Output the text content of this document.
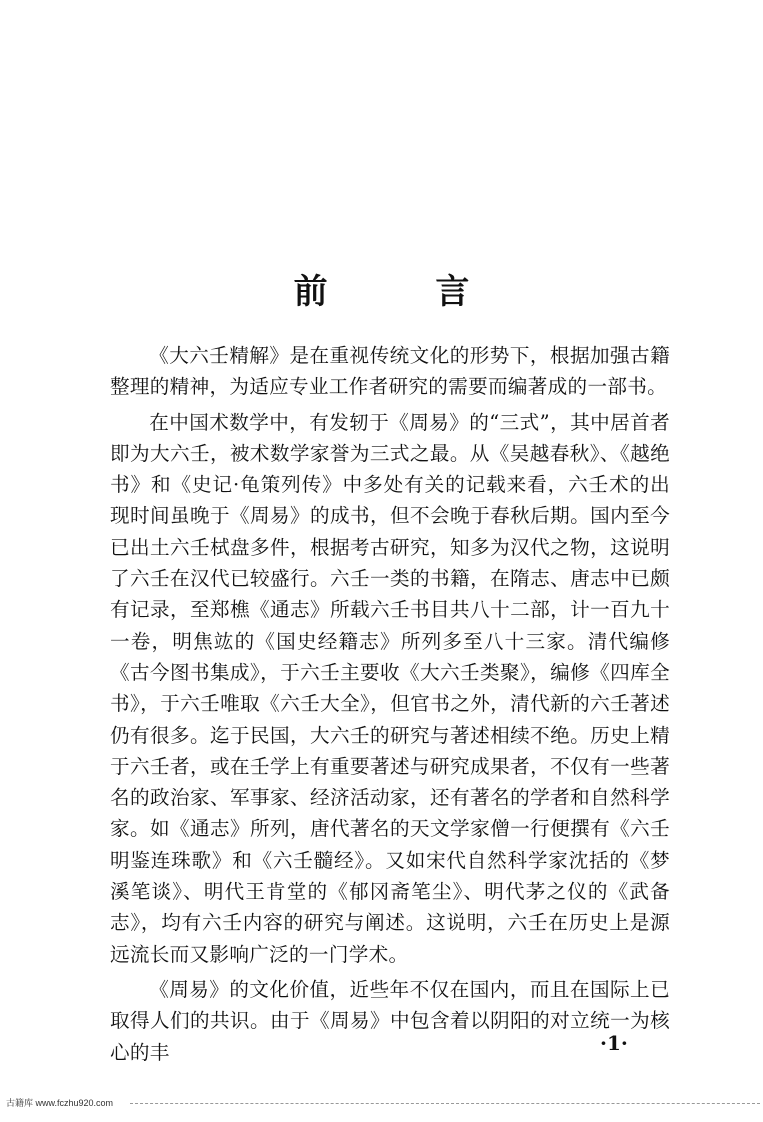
前 言

《大六壬精解》是在重视传统文化的形势下，根据加强古籍整理的精神，为适应专业工作者研究的需要而编著成的一部书。

在中国术数学中，有发轫于《周易》的“三式”，其中居首者即为大六壬，被术数学家誉为三式之最。从《吴越春秋》、《越绝书》和《史记·龟策列传》中多处有关的记载来看，六壬术的出现时间虽晚于《周易》的成书，但不会晚于春秋后期。国内至今已出土六壬栻盘多件，根据考古研究，知多为汉代之物，这说明了六壬在汉代已较盛行。六壬一类的书籍，在隋志、唐志中已颇有记录，至郑樵《通志》所载六壬书目共八十二部，计一百九十一卷，明焦竑的《国史经籍志》所列多至八十三家。清代编修《古今图书集成》，于六壬主要收《大六壬类聚》，编修《四库全书》，于六壬唯取《六壬大全》，但官书之外，清代新的六壬著述仍有很多。迄于民国，大六壬的研究与著述相续不绝。历史上精于六壬者，或在壬学上有重要著述与研究成果者，不仅有一些著名的政治家、军事家、经济活动家，还有著名的学者和自然科学家。如《通志》所列，唐代著名的天文学家僧一行便撰有《六壬明鉴连珠歌》和《六壬髓经》。又如宋代自然科学家沈括的《梦溪笔谈》、明代王肯堂的《郁冈斋笔尘》、明代茅之仪的《武备志》，均有六壬内容的研究与阐述。这说明，六壬在历史上是源远流长而又影响广泛的一门学术。

《周易》的文化价值，近些年不仅在国内，而且在国际上已取得人们的共识。由于《周易》中包含着以阴阳的对立统一为核心的丰	·1·
古籍库 www.fczhu920.com
